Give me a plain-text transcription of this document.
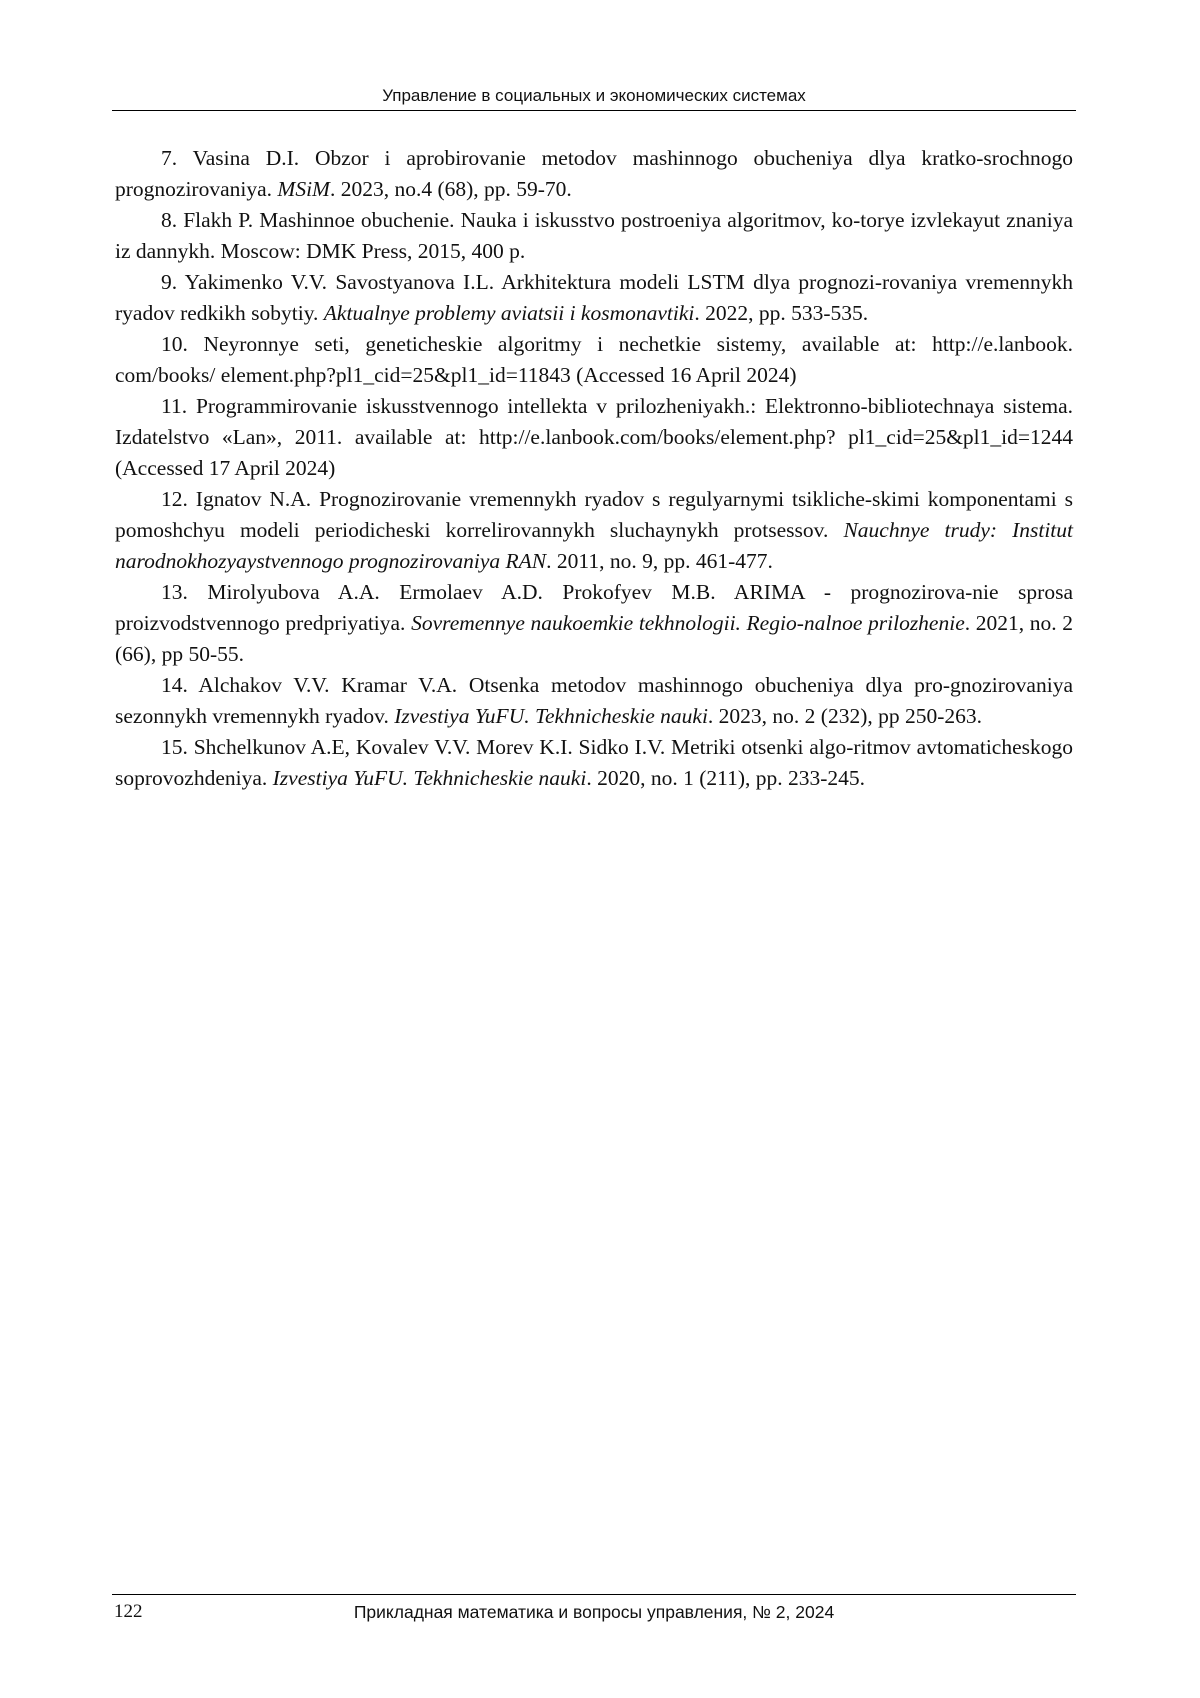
Управление в социальных и экономических системах
7. Vasina D.I. Obzor i aprobirovanie metodov mashinnogo obucheniya dlya kratko-srochnogo prognozirovaniya. MSiM. 2023, no.4 (68), pp. 59-70.
8. Flakh P. Mashinnoe obuchenie. Nauka i iskusstvo postroeniya algoritmov, ko-torye izvlekayut znaniya iz dannykh. Moscow: DMK Press, 2015, 400 p.
9. Yakimenko V.V. Savostyanova I.L. Arkhitektura modeli LSTM dlya prognozi-rovaniya vremennykh ryadov redkikh sobytiy. Aktualnye problemy aviatsii i kosmonavtiki. 2022, pp. 533-535.
10. Neyronnye seti, geneticheskie algoritmy i nechetkie sistemy, available at: http://e.lanbook. com/books/ element.php?pl1_cid=25&pl1_id=11843 (Accessed 16 April 2024)
11. Programmirovanie iskusstvennogo intellekta v prilozheniyakh.: Elektronno-bibliotechnaya sistema. Izdatelstvo «Lan», 2011. available at: http://e.lanbook.com/books/element.php? pl1_cid=25&pl1_id=1244 (Accessed 17 April 2024)
12. Ignatov N.A. Prognozirovanie vremennykh ryadov s regulyarnymi tsikliche-skimi komponentami s pomoshchyu modeli periodicheski korrelirovannykh sluchaynykh protsessov. Nauchnye trudy: Institut narodnokhozyaystvennogo prognozirovaniya RAN. 2011, no. 9, pp. 461-477.
13. Mirolyubova A.A. Ermolaev A.D. Prokofyev M.B. ARIMA - prognozirova-nie sprosa proizvodstvennogo predpriyatiya. Sovremennye naukoemkie tekhnologii. Regio-nalnoe prilozhenie. 2021, no. 2 (66), pp 50-55.
14. Alchakov V.V. Kramar V.A. Otsenka metodov mashinnogo obucheniya dlya pro-gnozirovaniya sezonnykh vremennykh ryadov. Izvestiya YuFU. Tekhnicheskie nauki. 2023, no. 2 (232), pp 250-263.
15. Shchelkunov A.E, Kovalev V.V. Morev K.I. Sidko I.V. Metriki otsenki algo-ritmov avtomaticheskogo soprovozhdeniya. Izvestiya YuFU. Tekhnicheskie nauki. 2020, no. 1 (211), pp. 233-245.
122	Прикладная математика и вопросы управления, № 2, 2024
